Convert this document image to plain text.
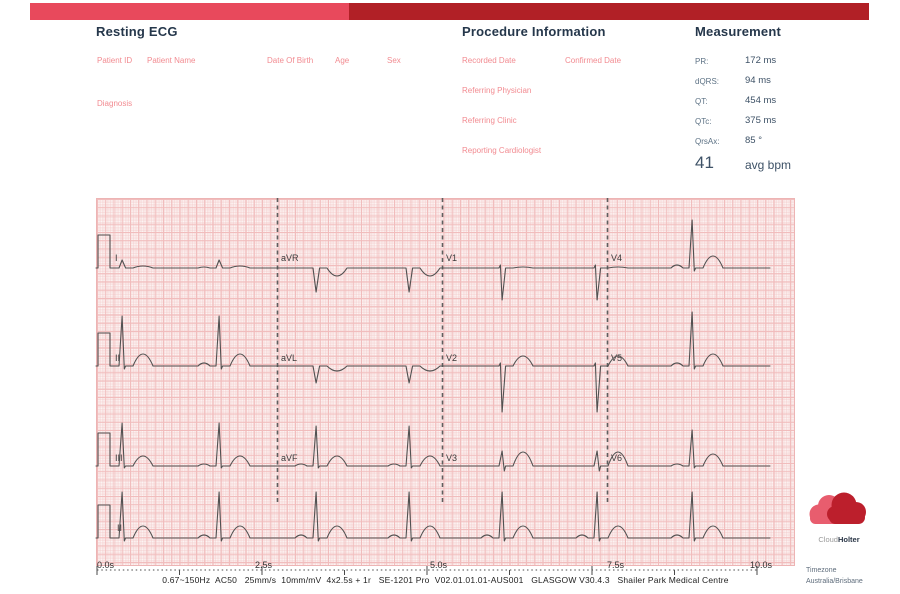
Resting ECG
Patient ID Patient Name	Date Of Birth	Age	Sex
Diagnosis
Procedure Information
Recorded Date	Confirmed Date
Referring Physician
Referring Clinic
Reporting Cardiologist
Measurement
PR:	172 ms
dQRS:	94 ms
QT:	454 ms
QTc:	375 ms
QrsAx:	85 °
41	avg bpm
I	aVR	V1	V4
II	aVL	V2	V5
III	aVF	V3	V6
II
0.0s	2.5s	5.0s	7.5s	10.0s
0.67~150Hz  AC50   25mm/s  10mm/mV  4x2.5s + 1r   SE-1201 Pro  V02.01.01.01-AUS001   GLASGOW V30.4.3   Shailer Park Medical Centre
CloudHolter
Timezone
Australia/Brisbane
